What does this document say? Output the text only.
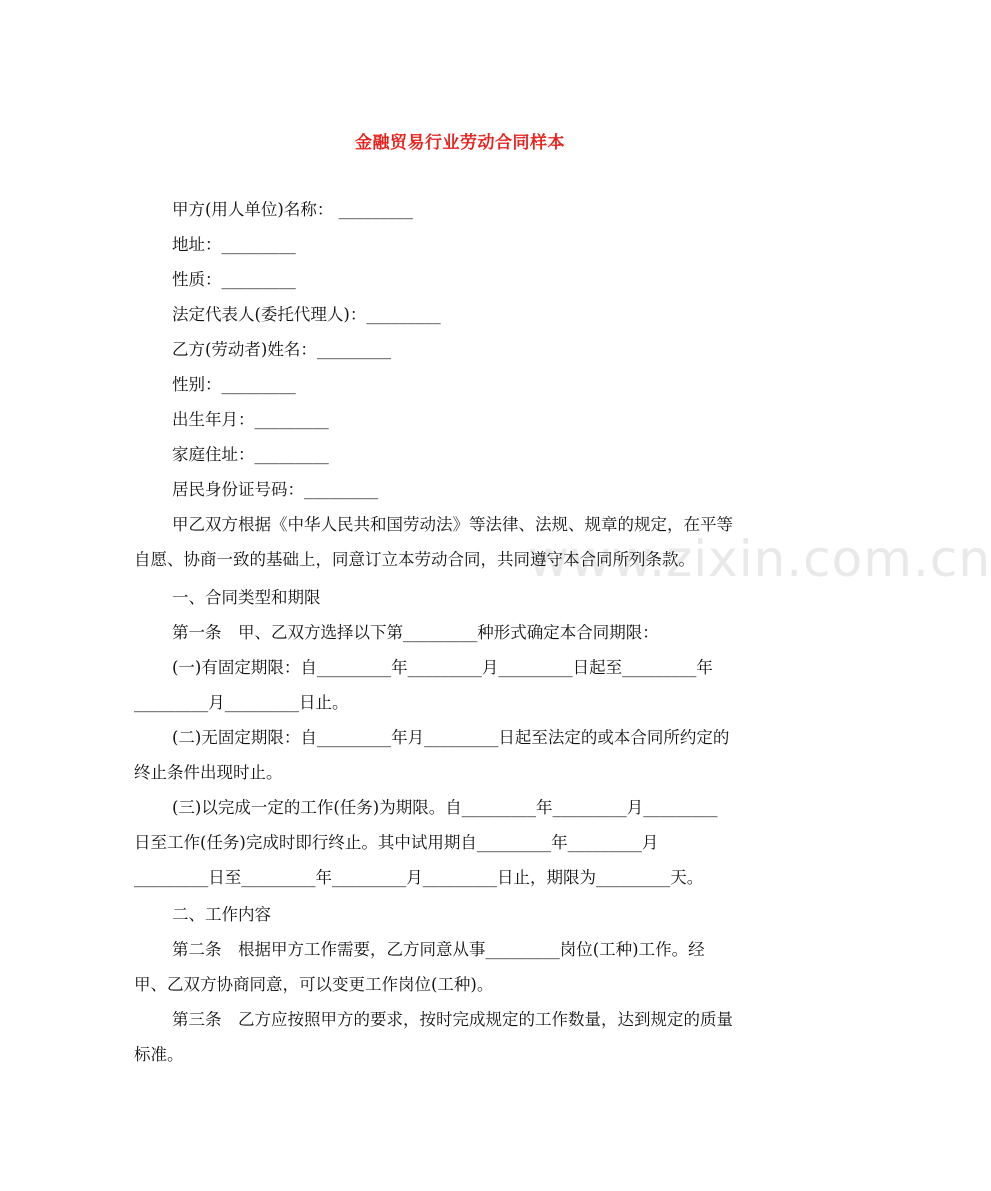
www.zixin.com.cn
金融贸易行业劳动合同样本
甲方(用人单位)名称： _________
地址：_________
性质：_________
法定代表人(委托代理人)：_________
乙方(劳动者)姓名：_________
性别：_________
出生年月：_________
家庭住址：_________
居民身份证号码：_________
甲乙双方根据《中华人民共和国劳动法》等法律、法规、规章的规定，在平等
自愿、协商一致的基础上，同意订立本劳动合同，共同遵守本合同所列条款。
一、合同类型和期限
第一条　甲、乙双方选择以下第_________种形式确定本合同期限：
(一)有固定期限：自_________年_________月_________日起至_________年
_________月_________日止。
(二)无固定期限：自_________年月_________日起至法定的或本合同所约定的
终止条件出现时止。
(三)以完成一定的工作(任务)为期限。自_________年_________月_________
日至工作(任务)完成时即行终止。其中试用期自_________年_________月
_________日至_________年_________月_________日止，期限为_________天。
二、工作内容
第二条　根据甲方工作需要，乙方同意从事_________岗位(工种)工作。经
甲、乙双方协商同意，可以变更工作岗位(工种)。
第三条　乙方应按照甲方的要求，按时完成规定的工作数量，达到规定的质量
标准。
